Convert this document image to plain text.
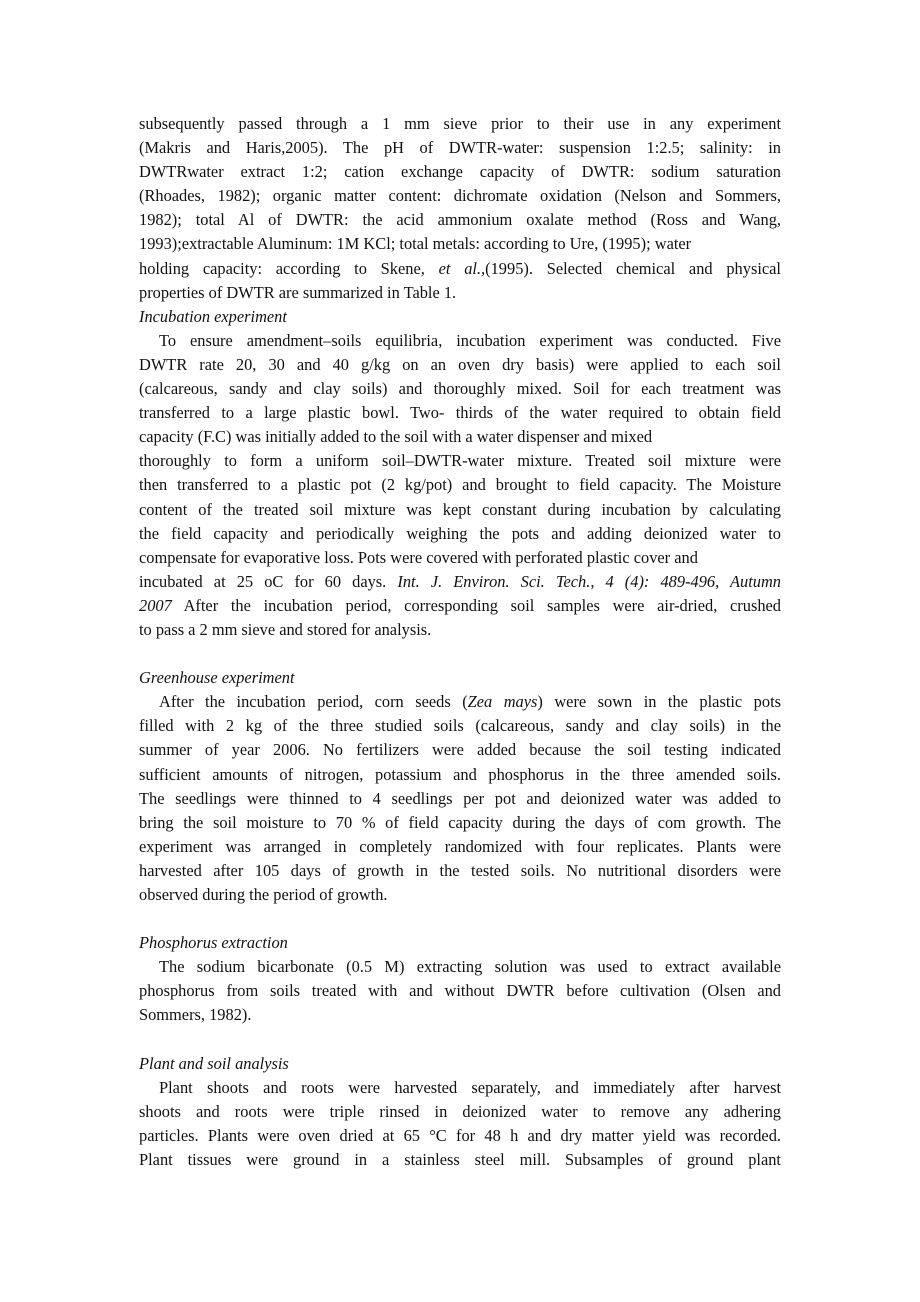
subsequently passed through a 1 mm sieve prior to their use in any experiment
(Makris and Haris,2005). The pH of DWTR-water: suspension 1:2.5; salinity: in
DWTRwater extract 1:2; cation exchange capacity of DWTR: sodium saturation
(Rhoades, 1982); organic matter content: dichromate oxidation (Nelson and Sommers,
1982); total Al of DWTR: the acid ammonium oxalate method (Ross and Wang,
1993);extractable Aluminum: 1M KCl; total metals: according to Ure, (1995); water
holding capacity: according to Skene, et al.,(1995). Selected chemical and physical
properties of DWTR are summarized in Table 1.
Incubation experiment
To ensure amendment–soils equilibria, incubation experiment was conducted. Five
DWTR rate 20, 30 and 40 g/kg on an oven dry basis) were applied to each soil
(calcareous, sandy and clay soils) and thoroughly mixed. Soil for each treatment was
transferred to a large plastic bowl. Two- thirds of the water required to obtain field
capacity (F.C) was initially added to the soil with a water dispenser and mixed
thoroughly to form a uniform soil–DWTR-water mixture. Treated soil mixture were
then transferred to a plastic pot (2 kg/pot) and brought to field capacity. The Moisture
content of the treated soil mixture was kept constant during incubation by calculating
the field capacity and periodically weighing the pots and adding deionized water to
compensate for evaporative loss. Pots were covered with perforated plastic cover and
incubated at 25 oC for 60 days. Int. J. Environ. Sci. Tech., 4 (4): 489-496, Autumn
2007 After the incubation period, corresponding soil samples were air-dried, crushed
to pass a 2 mm sieve and stored for analysis.
Greenhouse experiment
After the incubation period, corn seeds (Zea mays) were sown in the plastic pots
filled with 2 kg of the three studied soils (calcareous, sandy and clay soils) in the
summer of year 2006. No fertilizers were added because the soil testing indicated
sufficient amounts of nitrogen, potassium and phosphorus in the three amended soils.
The seedlings were thinned to 4 seedlings per pot and deionized water was added to
bring the soil moisture to 70 % of field capacity during the days of com growth. The
experiment was arranged in completely randomized with four replicates. Plants were
harvested after 105 days of growth in the tested soils. No nutritional disorders were
observed during the period of growth.
Phosphorus extraction
The sodium bicarbonate (0.5 M) extracting solution was used to extract available
phosphorus from soils treated with and without DWTR before cultivation (Olsen and
Sommers, 1982).
Plant and soil analysis
Plant shoots and roots were harvested separately, and immediately after harvest
shoots and roots were triple rinsed in deionized water to remove any adhering
particles. Plants were oven dried at 65 °C for 48 h and dry matter yield was recorded.
Plant tissues were ground in a stainless steel mill. Subsamples of ground plant
